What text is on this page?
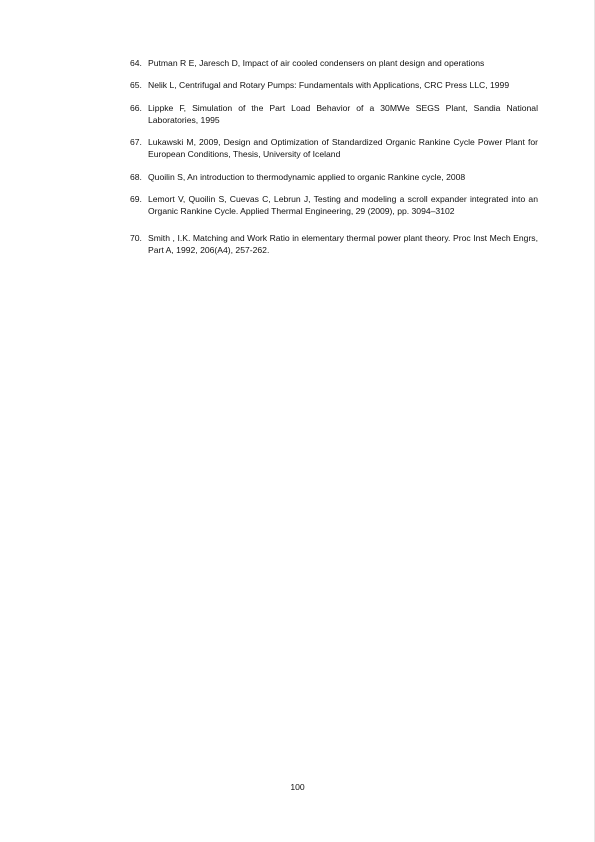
64. Putman R E, Jaresch D, Impact of air cooled condensers on plant design and operations
65. Nelik L, Centrifugal and Rotary Pumps: Fundamentals with Applications, CRC Press LLC, 1999
66. Lippke F, Simulation of the Part Load Behavior of a 30MWe SEGS Plant, Sandia National Laboratories, 1995
67. Lukawski M, 2009, Design and Optimization of Standardized Organic Rankine Cycle Power Plant for European Conditions, Thesis, University of Iceland
68. Quoilin S, An introduction to thermodynamic applied to organic Rankine cycle, 2008
69. Lemort V, Quoilin S, Cuevas C, Lebrun J, Testing and modeling a scroll expander integrated into an Organic Rankine Cycle. Applied Thermal Engineering, 29 (2009), pp. 3094–3102
70. Smith , I.K. Matching and Work Ratio in elementary thermal power plant theory. Proc Inst Mech Engrs, Part A, 1992, 206(A4), 257-262.
100
